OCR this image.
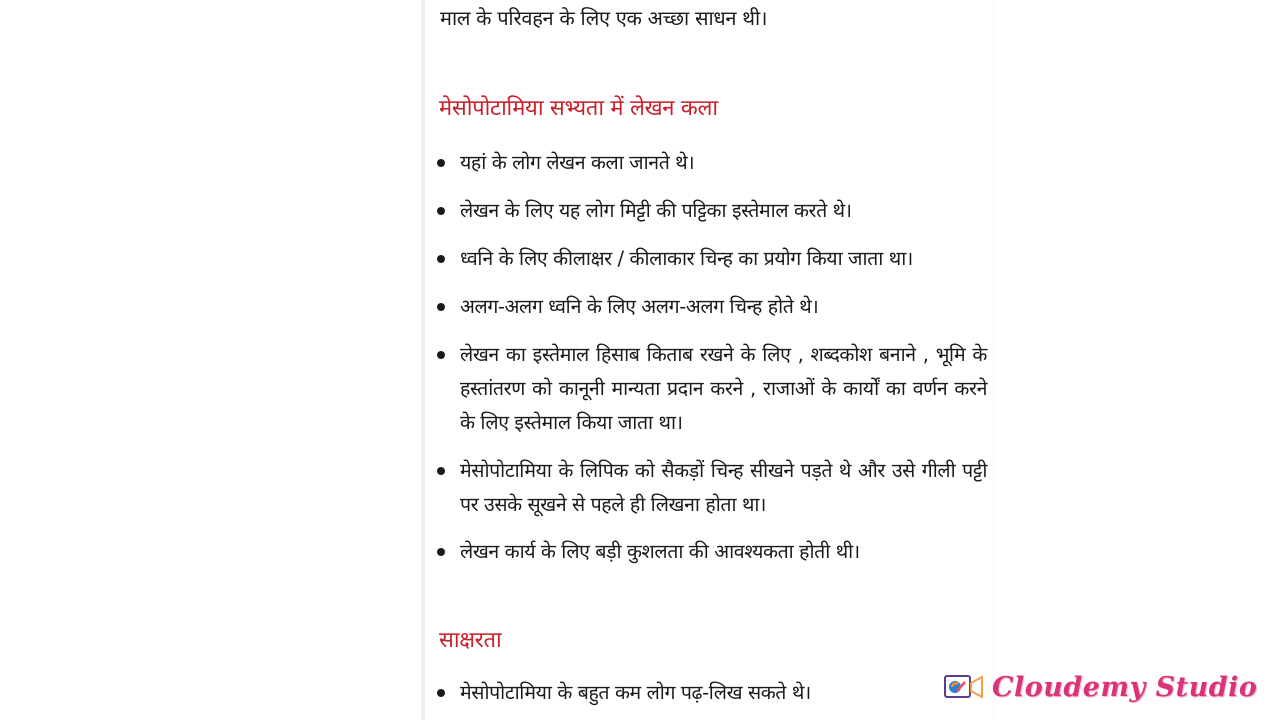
माल के परिवहन के लिए एक अच्छा साधन थी।
मेसोपोटामिया सभ्यता में लेखन कला
यहां के लोग लेखन कला जानते थे।
लेखन के लिए यह लोग मिट्टी की पट्टिका इस्तेमाल करते थे।
ध्वनि के लिए कीलाक्षर / कीलाकार चिन्ह का प्रयोग किया जाता था।
अलग-अलग ध्वनि के लिए अलग-अलग चिन्ह होते थे।
लेखन का इस्तेमाल हिसाब किताब रखने के लिए , शब्दकोश बनाने , भूमि के हस्तांतरण को कानूनी मान्यता प्रदान करने , राजाओं के कार्यों का वर्णन करने के लिए इस्तेमाल किया जाता था।
मेसोपोटामिया के लिपिक को सैकड़ों चिन्ह सीखने पड़ते थे और उसे गीली पट्टी पर उसके सूखने से पहले ही लिखना होता था।
लेखन कार्य के लिए बड़ी कुशलता की आवश्यकता होती थी।
साक्षरता
मेसोपोटामिया के बहुत कम लोग पढ़-लिख सकते थे।	Cloudemy Studio
